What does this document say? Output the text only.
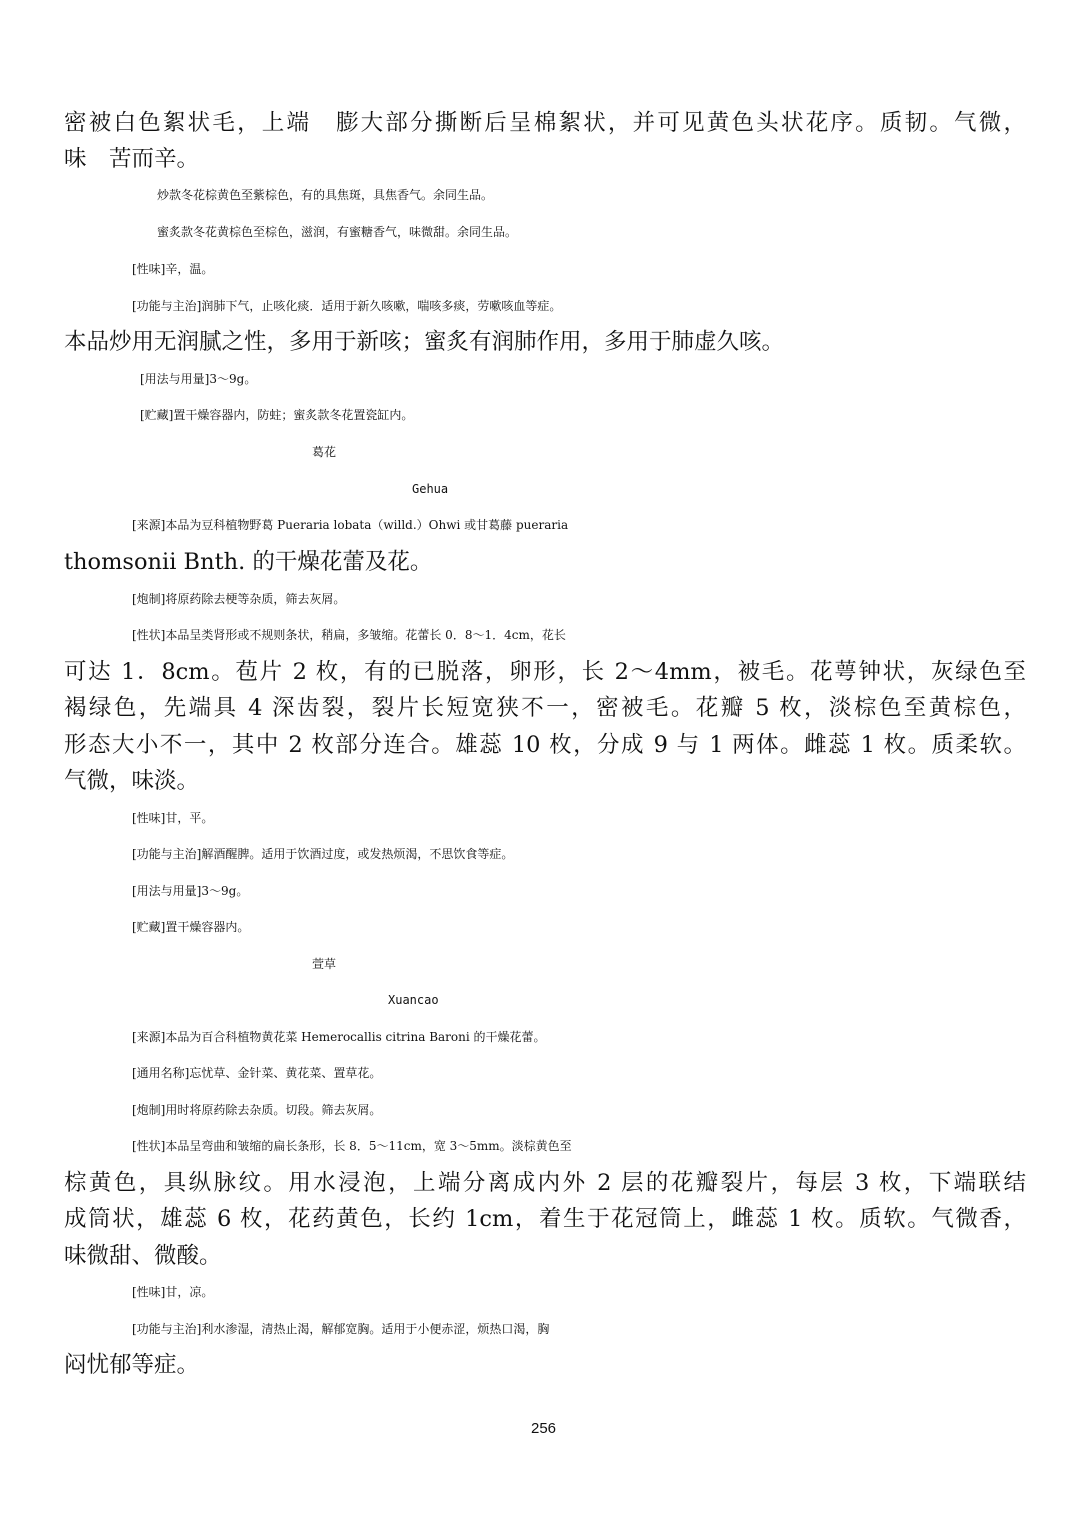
密被白色絮状毛，上端　膨大部分撕断后呈棉絮状，并可见黄色头状花序。质韧。气微，
味　苦而辛。
炒款冬花棕黄色至紫棕色，有的具焦斑，具焦香气。余同生品。
蜜炙款冬花黄棕色至棕色，滋润，有蜜糖香气，味微甜。余同生品。
[性味]辛，温。
[功能与主治]润肺下气，止咳化痰．适用于新久咳嗽，喘咳多痰，劳嗽咳血等症。
本品炒用无润腻之性，多用于新咳；蜜炙有润肺作用，多用于肺虚久咳。
[用法与用量]3～9g。
[贮藏]置干燥容器内，防蛀；蜜炙款冬花置瓷缸内。
葛花
Gehua
[来源]本品为豆科植物野葛 Pueraria lobata（willd.）Ohwi 或甘葛藤 pueraria
thomsonii Bnth. 的干燥花蕾及花。
[炮制]将原药除去梗等杂质，筛去灰屑。
[性状]本品呈类肾形或不规则条状，稍扁，多皱缩。花蕾长 0．8～1．4cm，花长
可达 1．8cm。苞片 2 枚，有的已脱落，卵形，长 2～4mm，被毛。花萼钟状，灰绿色至
褐绿色，先端具 4 深齿裂，裂片长短宽狭不一，密被毛。花瓣 5 枚，淡棕色至黄棕色，
形态大小不一，其中 2 枚部分连合。雄蕊 10 枚，分成 9 与 1 两体。雌蕊 1 枚。质柔软。
气微，味淡。
[性味]甘，平。
[功能与主治]解酒醒脾。适用于饮酒过度，或发热烦渴，不思饮食等症。
[用法与用量]3～9g。
[贮藏]置干燥容器内。
萱草
Xuancao
[来源]本品为百合科植物黄花菜 Hemerocallis citrina Baroni 的干燥花蕾。
[通用名称]忘忧草、金针菜、黄花菜、置草花。
[炮制]用时将原药除去杂质。切段。筛去灰屑。
[性状]本品呈弯曲和皱缩的扁长条形，长 8．5～11cm，宽 3～5mm。淡棕黄色至
棕黄色，具纵脉纹。用水浸泡，上端分离成内外 2 层的花瓣裂片，每层 3 枚，下端联结
成筒状，雄蕊 6 枚，花药黄色，长约 1cm，着生于花冠筒上，雌蕊 1 枚。质软。气微香，
味微甜、微酸。
[性味]甘，凉。
[功能与主治]利水渗湿，清热止渴，解郁宽胸。适用于小便赤涩，烦热口渴，胸
闷忧郁等症。
256
